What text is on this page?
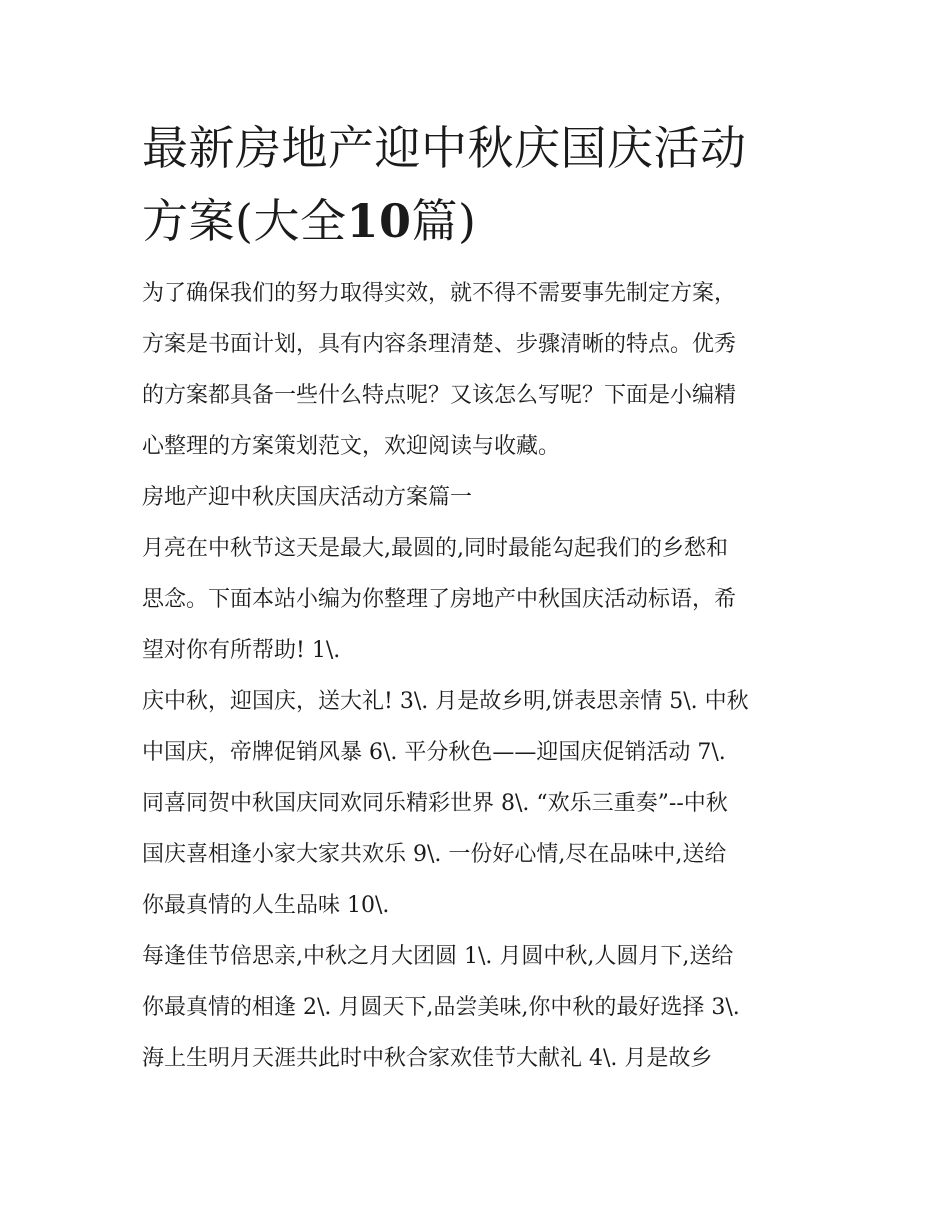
最新房地产迎中秋庆国庆活动
方案(大全10篇)

为了确保我们的努力取得实效，就不得不需要事先制定方案，
方案是书面计划，具有内容条理清楚、步骤清晰的特点。优秀
的方案都具备一些什么特点呢？又该怎么写呢？下面是小编精
心整理的方案策划范文，欢迎阅读与收藏。

房地产迎中秋庆国庆活动方案篇一

月亮在中秋节这天是最大,最圆的,同时最能勾起我们的乡愁和
思念。下面本站小编为你整理了房地产中秋国庆活动标语，希
望对你有所帮助! 1\.

庆中秋，迎国庆，送大礼! 3\. 月是故乡明,饼表思亲情 5\. 中秋
中国庆，帝牌促销风暴 6\. 平分秋色——迎国庆促销活动 7\.
同喜同贺中秋国庆同欢同乐精彩世界 8\. “欢乐三重奏”--中秋
国庆喜相逢小家大家共欢乐 9\. 一份好心情,尽在品味中,送给
你最真情的人生品味 10\.

每逢佳节倍思亲,中秋之月大团圆 1\. 月圆中秋,人圆月下,送给
你最真情的相逢 2\. 月圆天下,品尝美味,你中秋的最好选择 3\.
海上生明月天涯共此时中秋合家欢佳节大献礼 4\. 月是故乡
